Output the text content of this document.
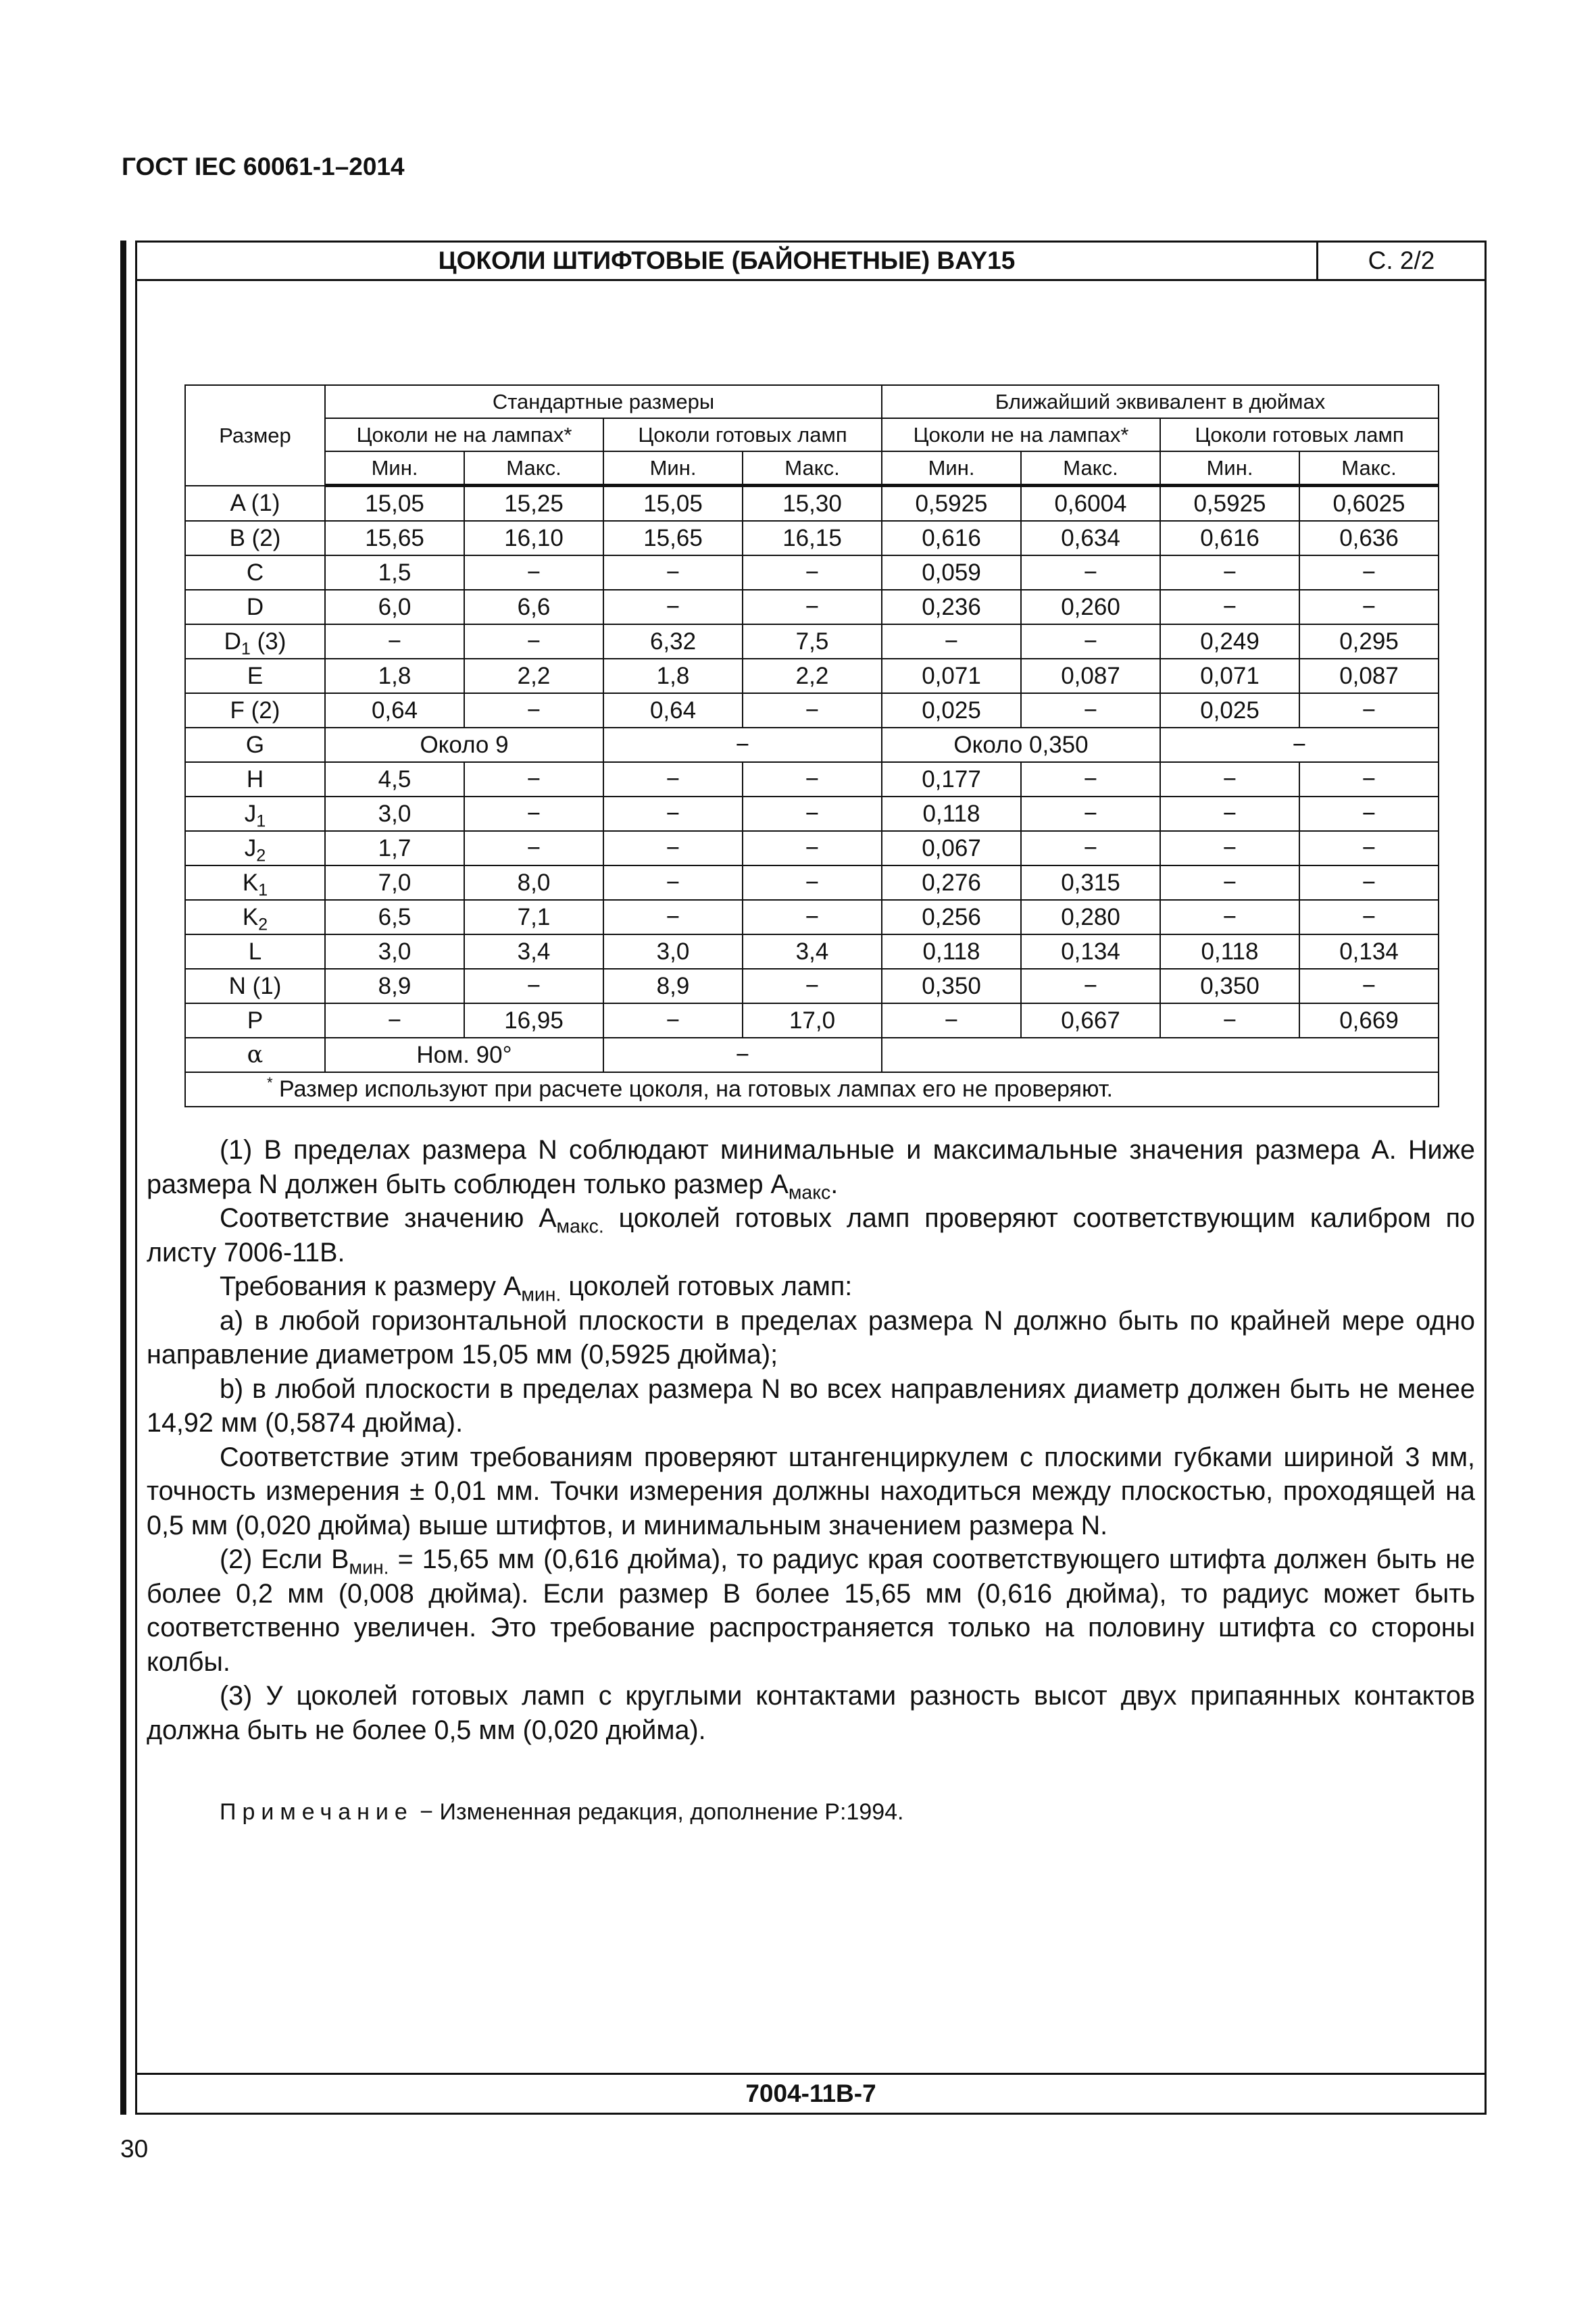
ГОСТ IEC 60061-1–2014
ЦОКОЛИ ШТИФТОВЫЕ (БАЙОНЕТНЫЕ) BAY15	С. 2/2
Размер	Стандартные размеры				Ближайший эквивалент в дюймах			
	Цоколи не на лампах*		Цоколи готовых ламп		Цоколи не на лампах*		Цоколи готовых ламп	
	Мин.	Макс.	Мин.	Макс.	Мин.	Макс.	Мин.	Макс.
A (1)	15,05	15,25	15,05	15,30	0,5925	0,6004	0,5925	0,6025
B (2)	15,65	16,10	15,65	16,15	0,616	0,634	0,616	0,636
C	1,5	−	−	−	0,059	−	−	−
D	6,0	6,6	−	−	0,236	0,260	−	−
$D_1$ (3)	−	−	6,32	7,5	−	−	0,249	0,295
E	1,8	2,2	1,8	2,2	0,071	0,087	0,071	0,087
F (2)	0,64	−	0,64	−	0,025	−	0,025	−
G	Около 9		−		Около 0,350		−	
H	4,5	−	−	−	0,177	−	−	−
$J_1$	3,0	−	−	−	0,118	−	−	−
$J_2$	1,7	−	−	−	0,067	−	−	−
$K_1$	7,0	8,0	−	−	0,276	0,315	−	−
$K_2$	6,5	7,1	−	−	0,256	0,280	−	−
L	3,0	3,4	3,0	3,4	0,118	0,134	0,118	0,134
N (1)	8,9	−	8,9	−	0,350	−	0,350	−
P	−	16,95	−	17,0	−	0,667	−	0,669
α	Ном. 90°		−					
* Размер используют при расчете цоколя, на готовых лампах его не проверяют.								

(1) В пределах размера N соблюдают минимальные и максимальные значения размера A. Ниже размера N должен быть соблюден только размер $A_{макс}$.

Соответствие значению $A_{макс.}$ цоколей готовых ламп проверяют соответствующим калибром по листу 7006-11B.

Требования к размеру $A_{мин.}$ цоколей готовых ламп:

a) в любой горизонтальной плоскости в пределах размера N должно быть по крайней мере одно направление диаметром 15,05 мм (0,5925 дюйма);

b) в любой плоскости в пределах размера N во всех направлениях диаметр должен быть не менее 14,92 мм (0,5874 дюйма).

Соответствие этим требованиям проверяют штангенциркулем с плоскими губками шириной 3 мм, точность измерения ± 0,01 мм. Точки измерения должны находиться между плоскостью, проходящей на 0,5 мм (0,020 дюйма) выше штифтов, и минимальным значением размера N.

(2) Если $B_{мин.} = 15,65$ мм (0,616 дюйма), то радиус края соответствующего штифта должен быть не более 0,2 мм (0,008 дюйма). Если размер B более 15,65 мм (0,616 дюйма), то радиус может быть соответственно увеличен. Это требование распространяется только на половину штифта со стороны колбы.

(3) У цоколей готовых ламп с круглыми контактами разность высот двух припаянных контактов должна быть не более 0,5 мм (0,020 дюйма).

Примечание − Измененная редакция, дополнение P:1994.
7004-11B-7
30
